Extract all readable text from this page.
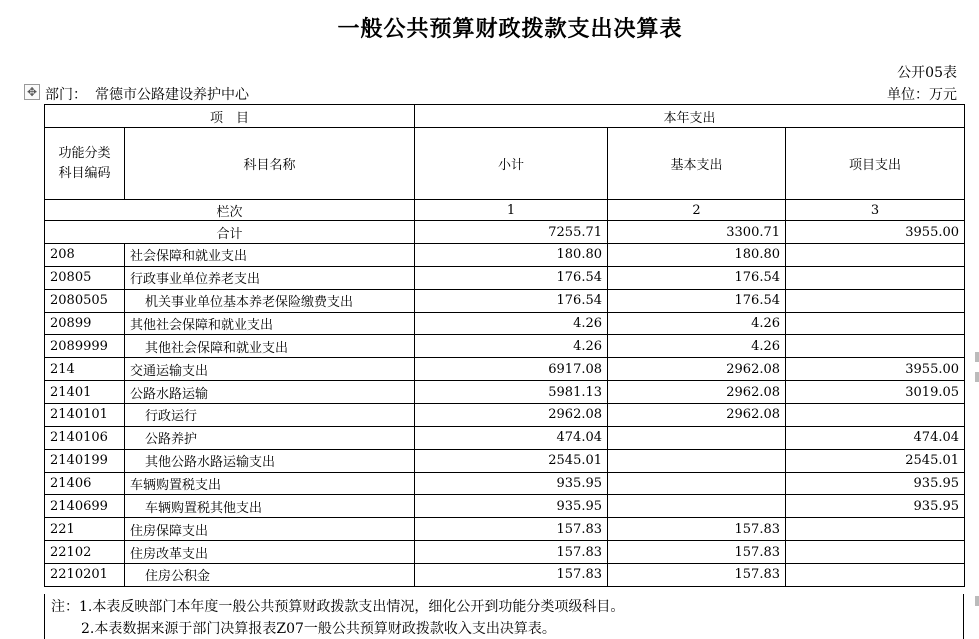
一般公共预算财政拨款支出决算表
公开05表
✥ 部门： 常德市公路建设养护中心	单位：万元
项　目		本年支出		
功能分类
科目编码	科目名称	小计	基本支出	项目支出
栏次		1	2	3
合计		7255.71	3300.71	3955.00
208	社会保障和就业支出	180.80	180.80	
20805	行政事业单位养老支出	176.54	176.54	
2080505	机关事业单位基本养老保险缴费支出	176.54	176.54	
20899	其他社会保障和就业支出	4.26	4.26	
2089999	其他社会保障和就业支出	4.26	4.26	
214	交通运输支出	6917.08	2962.08	3955.00
21401	公路水路运输	5981.13	2962.08	3019.05
2140101	行政运行	2962.08	2962.08	
2140106	公路养护	474.04		474.04
2140199	其他公路水路运输支出	2545.01		2545.01
21406	车辆购置税支出	935.95		935.95
2140699	车辆购置税其他支出	935.95		935.95
221	住房保障支出	157.83	157.83	
22102	住房改革支出	157.83	157.83	
2210201	住房公积金	157.83	157.83	
注：1.本表反映部门本年度一般公共预算财政拨款支出情况，细化公开到功能分类项级科目。
2.本表数据来源于部门决算报表Z07一般公共预算财政拨款收入支出决算表。
